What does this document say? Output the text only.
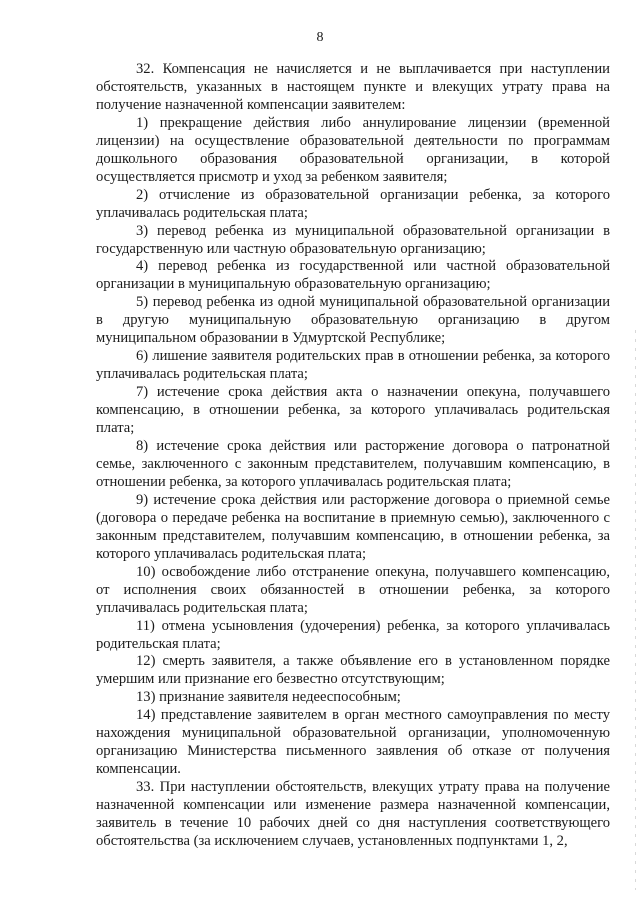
8

32. Компенсация не начисляется и не выплачивается при наступлении обстоятельств, указанных в настоящем пункте и влекущих утрату права на получение назначенной компенсации заявителем:

1) прекращение действия либо аннулирование лицензии (временной лицензии) на осуществление образовательной деятельности по программам дошкольного образования образовательной организации, в которой осуществляется присмотр и уход за ребенком заявителя;

2) отчисление из образовательной организации ребенка, за которого уплачивалась родительская плата;

3) перевод ребенка из муниципальной образовательной организации в государственную или частную образовательную организацию;

4) перевод ребенка из государственной или частной образовательной организации в муниципальную образовательную организацию;

5) перевод ребенка из одной муниципальной образовательной организации в другую муниципальную образовательную организацию в другом муниципальном образовании в Удмуртской Республике;

6) лишение заявителя родительских прав в отношении ребенка, за которого уплачивалась родительская плата;

7) истечение срока действия акта о назначении опекуна, получавшего компенсацию, в отношении ребенка, за которого уплачивалась родительская плата;

8) истечение срока действия или расторжение договора о патронатной семье, заключенного с законным представителем, получавшим компенсацию, в отношении ребенка, за которого уплачивалась родительская плата;

9) истечение срока действия или расторжение договора о приемной семье (договора о передаче ребенка на воспитание в приемную семью), заключенного с законным представителем, получавшим компенсацию, в отношении ребенка, за которого уплачивалась родительская плата;

10) освобождение либо отстранение опекуна, получавшего компенсацию, от исполнения своих обязанностей в отношении ребенка, за которого уплачивалась родительская плата;

11) отмена усыновления (удочерения) ребенка, за которого уплачивалась родительская плата;

12) смерть заявителя, а также объявление его в установленном порядке умершим или признание его безвестно отсутствующим;

13) признание заявителя недееспособным;

14) представление заявителем в орган местного самоуправления по месту нахождения муниципальной образовательной организации, уполномоченную организацию Министерства письменного заявления об отказе от получения компенсации.

33. При наступлении обстоятельств, влекущих утрату права на получение назначенной компенсации или изменение размера назначенной компенсации, заявитель в течение 10 рабочих дней со дня наступления соответствующего обстоятельства (за исключением случаев, установленных подпунктами 1, 2,
